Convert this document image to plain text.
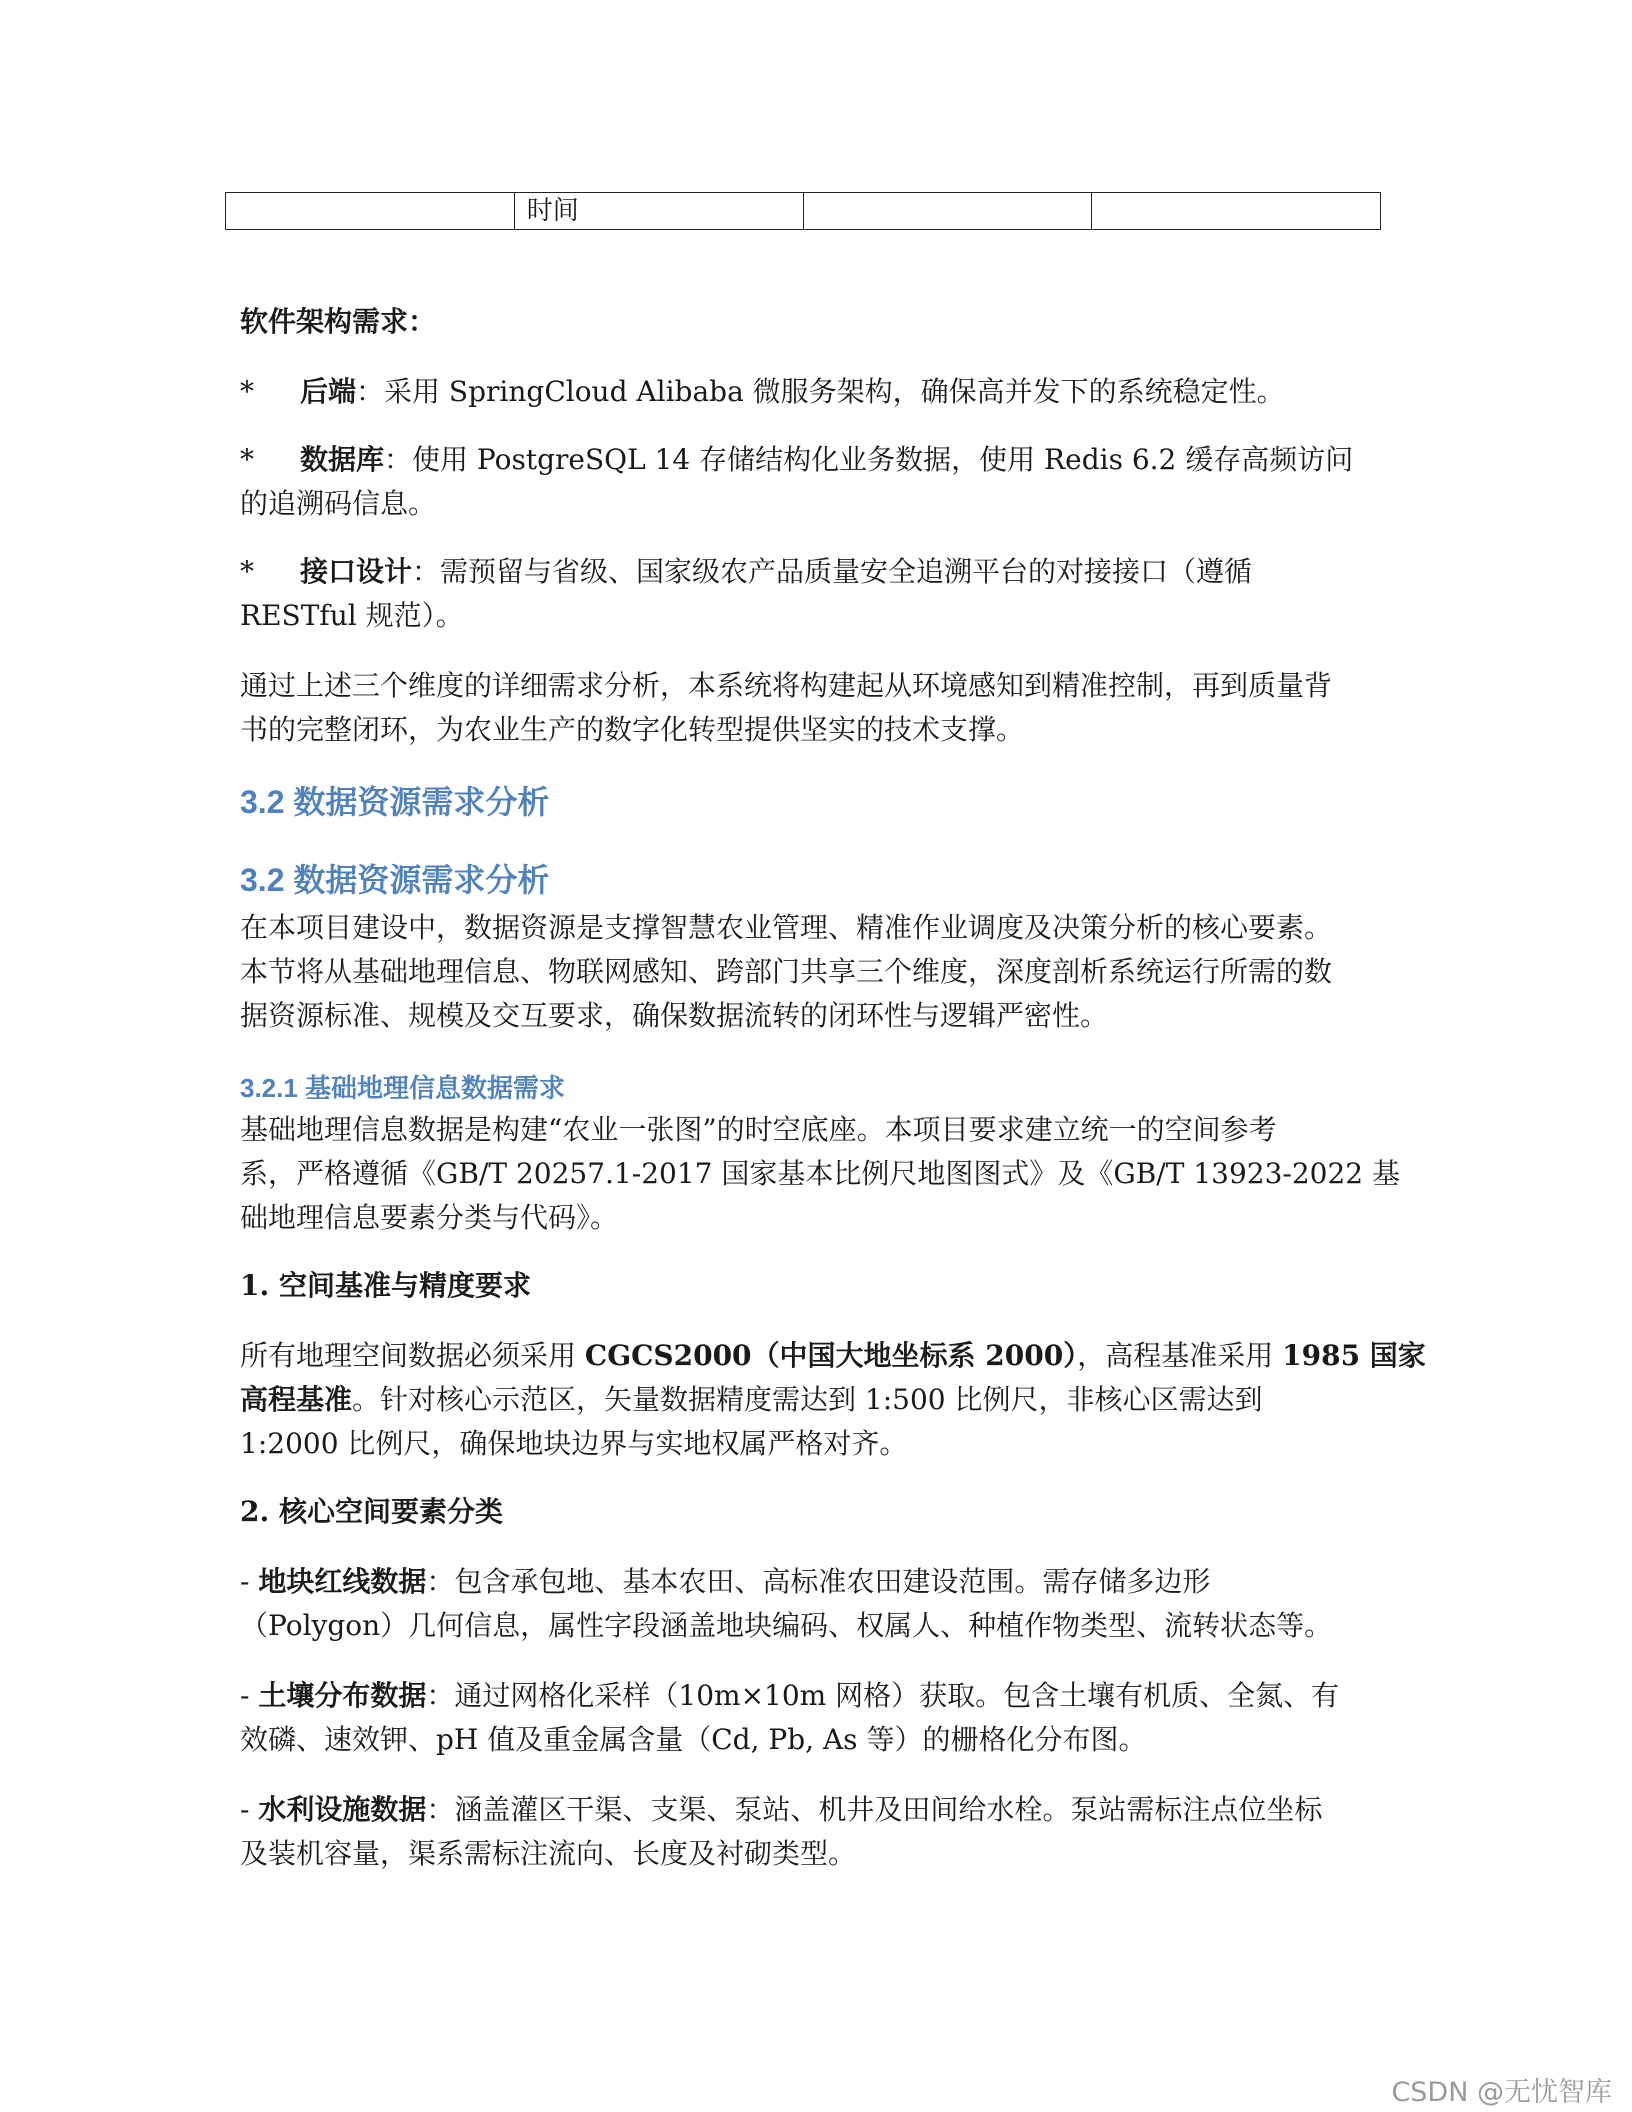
	时间		
软件架构需求：
* 后端：采用 SpringCloud Alibaba 微服务架构，确保高并发下的系统稳定性。
* 数据库：使用 PostgreSQL 14 存储结构化业务数据，使用 Redis 6.2 缓存高频访问
的追溯码信息。
* 接口设计：需预留与省级、国家级农产品质量安全追溯平台的对接接口（遵循
RESTful 规范）。
通过上述三个维度的详细需求分析，本系统将构建起从环境感知到精准控制，再到质量背
书的完整闭环，为农业生产的数字化转型提供坚实的技术支撑。
3.2 数据资源需求分析
3.2 数据资源需求分析
在本项目建设中，数据资源是支撑智慧农业管理、精准作业调度及决策分析的核心要素。
本节将从基础地理信息、物联网感知、跨部门共享三个维度，深度剖析系统运行所需的数
据资源标准、规模及交互要求，确保数据流转的闭环性与逻辑严密性。
3.2.1 基础地理信息数据需求
基础地理信息数据是构建“农业一张图”的时空底座。本项目要求建立统一的空间参考
系，严格遵循《GB/T 20257.1-2017 国家基本比例尺地图图式》及《GB/T 13923-2022 基
础地理信息要素分类与代码》。
1. 空间基准与精度要求
所有地理空间数据必须采用 CGCS2000（中国大地坐标系 2000），高程基准采用 1985 国家
高程基准。针对核心示范区，矢量数据精度需达到 1:500 比例尺，非核心区需达到
1:2000 比例尺，确保地块边界与实地权属严格对齐。
2. 核心空间要素分类
- 地块红线数据：包含承包地、基本农田、高标准农田建设范围。需存储多边形
（Polygon）几何信息，属性字段涵盖地块编码、权属人、种植作物类型、流转状态等。
- 土壤分布数据：通过网格化采样（10m×10m 网格）获取。包含土壤有机质、全氮、有
效磷、速效钾、pH 值及重金属含量（Cd, Pb, As 等）的栅格化分布图。
- 水利设施数据：涵盖灌区干渠、支渠、泵站、机井及田间给水栓。泵站需标注点位坐标
及装机容量，渠系需标注流向、长度及衬砌类型。
CSDN @无忧智库
